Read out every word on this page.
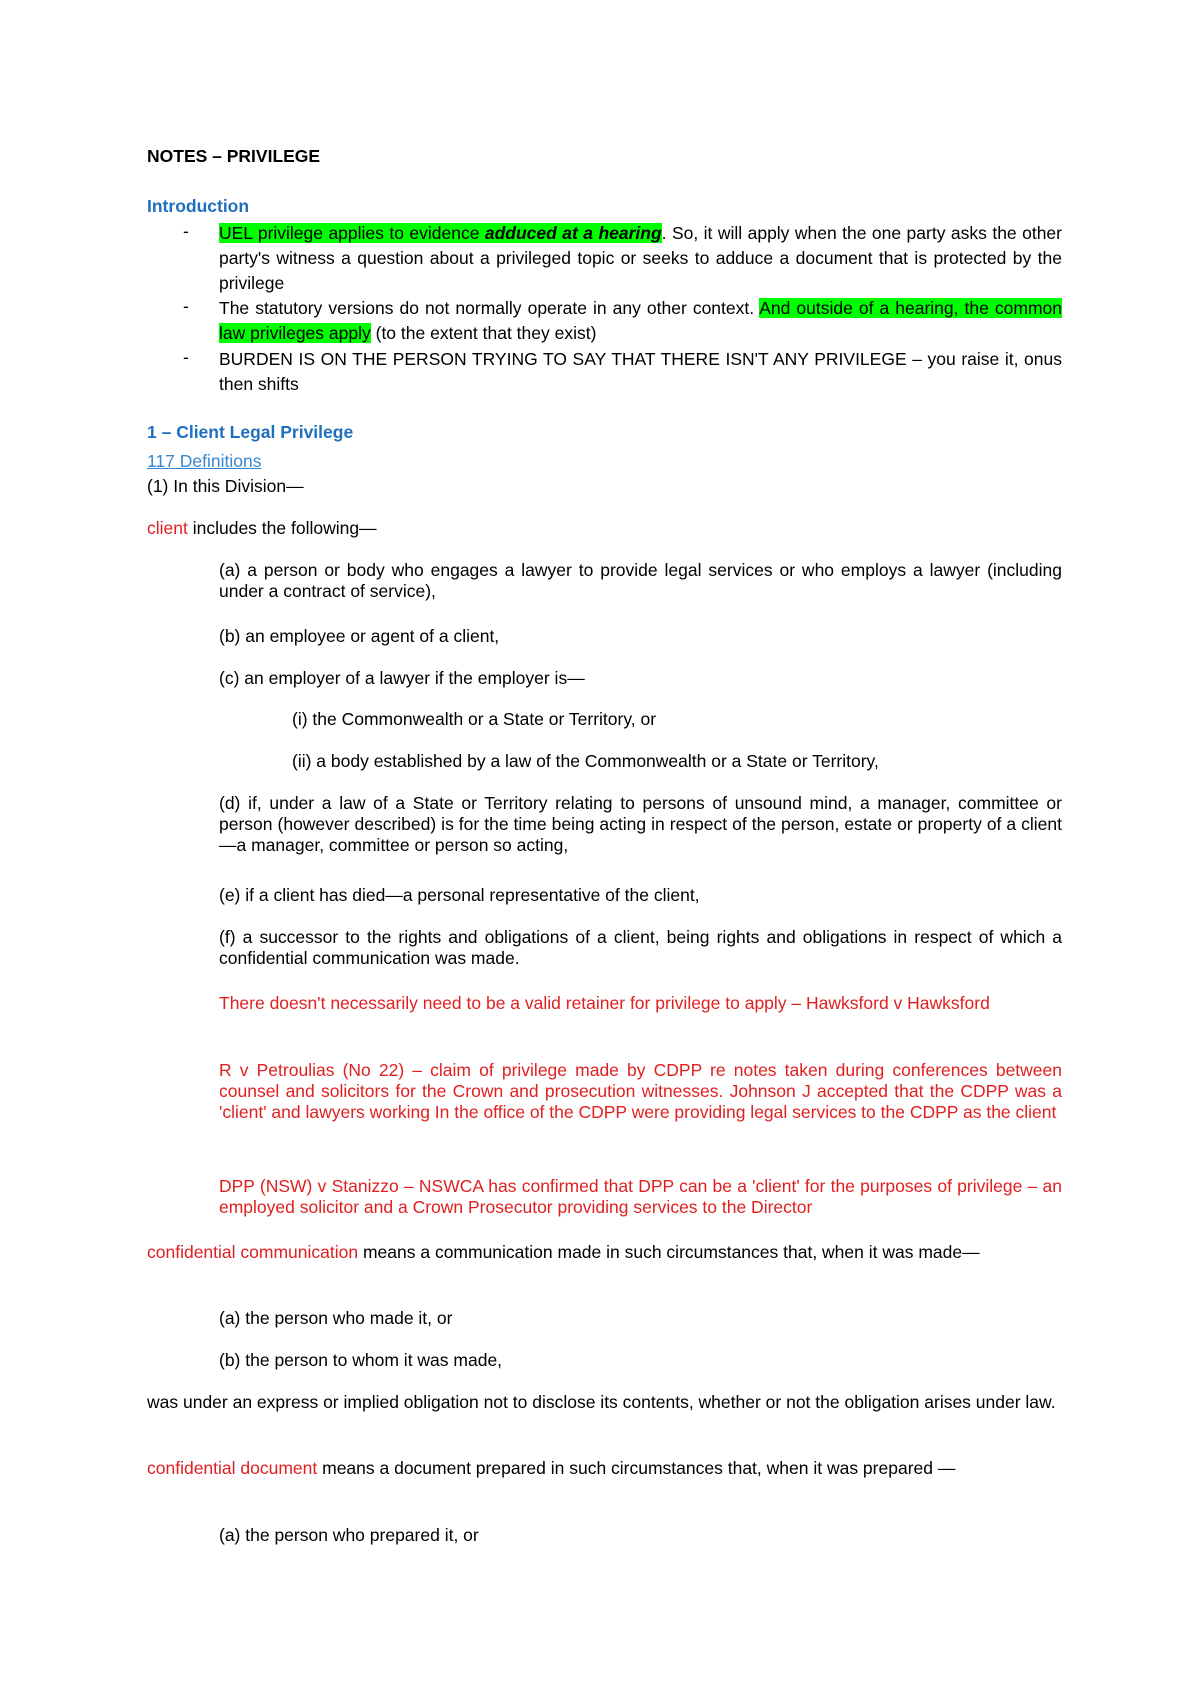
NOTES – PRIVILEGE
Introduction
-	UEL privilege applies to evidence adduced at a hearing. So, it will apply when the one party asks the other party's witness a question about a privileged topic or seeks to adduce a document that is protected by the privilege
-	The statutory versions do not normally operate in any other context. And outside of a hearing, the common law privileges apply (to the extent that they exist)
-	BURDEN IS ON THE PERSON TRYING TO SAY THAT THERE ISN'T ANY PRIVILEGE – you raise it, onus then shifts
1 – Client Legal Privilege
117 Definitions
(1) In this Division—
client includes the following—
(a) a person or body who engages a lawyer to provide legal services or who employs a lawyer (including under a contract of service),
(b) an employee or agent of a client,
(c) an employer of a lawyer if the employer is—
(i) the Commonwealth or a State or Territory, or
(ii) a body established by a law of the Commonwealth or a State or Territory,
(d) if, under a law of a State or Territory relating to persons of unsound mind, a manager, committee or person (however described) is for the time being acting in respect of the person, estate or property of a client—a manager, committee or person so acting,
(e) if a client has died—a personal representative of the client,
(f) a successor to the rights and obligations of a client, being rights and obligations in respect of which a confidential communication was made.
There doesn't necessarily need to be a valid retainer for privilege to apply – Hawksford v Hawksford
R v Petroulias (No 22) – claim of privilege made by CDPP re notes taken during conferences between counsel and solicitors for the Crown and prosecution witnesses. Johnson J accepted that the CDPP was a 'client' and lawyers working In the office of the CDPP were providing legal services to the CDPP as the client
DPP (NSW) v Stanizzo – NSWCA has confirmed that DPP can be a 'client' for the purposes of privilege – an employed solicitor and a Crown Prosecutor providing services to the Director
confidential communication means a communication made in such circumstances that, when it was made—
(a) the person who made it, or
(b) the person to whom it was made,
was under an express or implied obligation not to disclose its contents, whether or not the obligation arises under law.
confidential document means a document prepared in such circumstances that, when it was prepared —
(a) the person who prepared it, or
